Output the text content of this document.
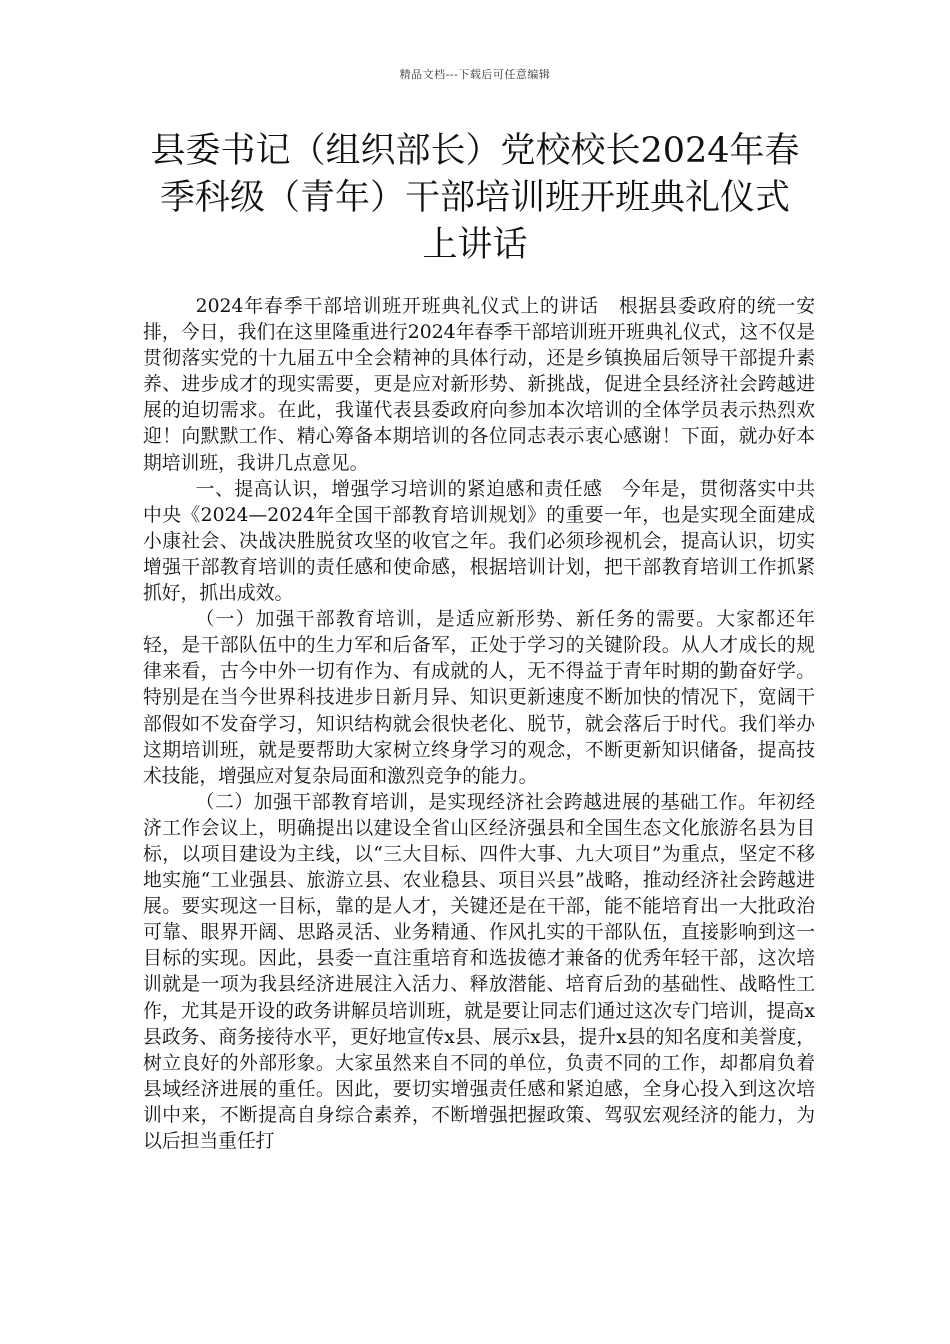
精品文档---下载后可任意编辑
县委书记（组织部长）党校校长2024年春
季科级（青年）干部培训班开班典礼仪式
上讲话

2024年春季干部培训班开班典礼仪式上的讲话　根据县委政府的统一安排，今日，我们在这里隆重进行2024年春季干部培训班开班典礼仪式，这不仅是贯彻落实党的十九届五中全会精神的具体行动，还是乡镇换届后领导干部提升素养、进步成才的现实需要，更是应对新形势、新挑战，促进全县经济社会跨越进展的迫切需求。在此，我谨代表县委政府向参加本次培训的全体学员表示热烈欢迎！向默默工作、精心筹备本期培训的各位同志表示衷心感谢！下面，就办好本期培训班，我讲几点意见。

一、提高认识，增强学习培训的紧迫感和责任感　今年是，贯彻落实中共中央《2024—2024年全国干部教育培训规划》的重要一年，也是实现全面建成小康社会、决战决胜脱贫攻坚的收官之年。我们必须珍视机会，提高认识，切实增强干部教育培训的责任感和使命感，根据培训计划，把干部教育培训工作抓紧抓好，抓出成效。

（一）加强干部教育培训，是适应新形势、新任务的需要。大家都还年轻，是干部队伍中的生力军和后备军，正处于学习的关键阶段。从人才成长的规律来看，古今中外一切有作为、有成就的人，无不得益于青年时期的勤奋好学。特别是在当今世界科技进步日新月异、知识更新速度不断加快的情况下，宽阔干部假如不发奋学习，知识结构就会很快老化、脱节，就会落后于时代。我们举办这期培训班，就是要帮助大家树立终身学习的观念，不断更新知识储备，提高技术技能，增强应对复杂局面和激烈竞争的能力。

（二）加强干部教育培训，是实现经济社会跨越进展的基础工作。年初经济工作会议上，明确提出以建设全省山区经济强县和全国生态文化旅游名县为目标，以项目建设为主线，以“三大目标、四件大事、九大项目”为重点，坚定不移地实施“工业强县、旅游立县、农业稳县、项目兴县”战略，推动经济社会跨越进展。要实现这一目标，靠的是人才，关键还是在干部，能不能培育出一大批政治可靠、眼界开阔、思路灵活、业务精通、作风扎实的干部队伍，直接影响到这一目标的实现。因此，县委一直注重培育和选拔德才兼备的优秀年轻干部，这次培训就是一项为我县经济进展注入活力、释放潜能、培育后劲的基础性、战略性工作，尤其是开设的政务讲解员培训班，就是要让同志们通过这次专门培训，提高x县政务、商务接待水平，更好地宣传x县、展示x县，提升x县的知名度和美誉度，树立良好的外部形象。大家虽然来自不同的单位，负责不同的工作，却都肩负着县域经济进展的重任。因此，要切实增强责任感和紧迫感，全身心投入到这次培训中来，不断提高自身综合素养，不断增强把握政策、驾驭宏观经济的能力，为以后担当重任打
